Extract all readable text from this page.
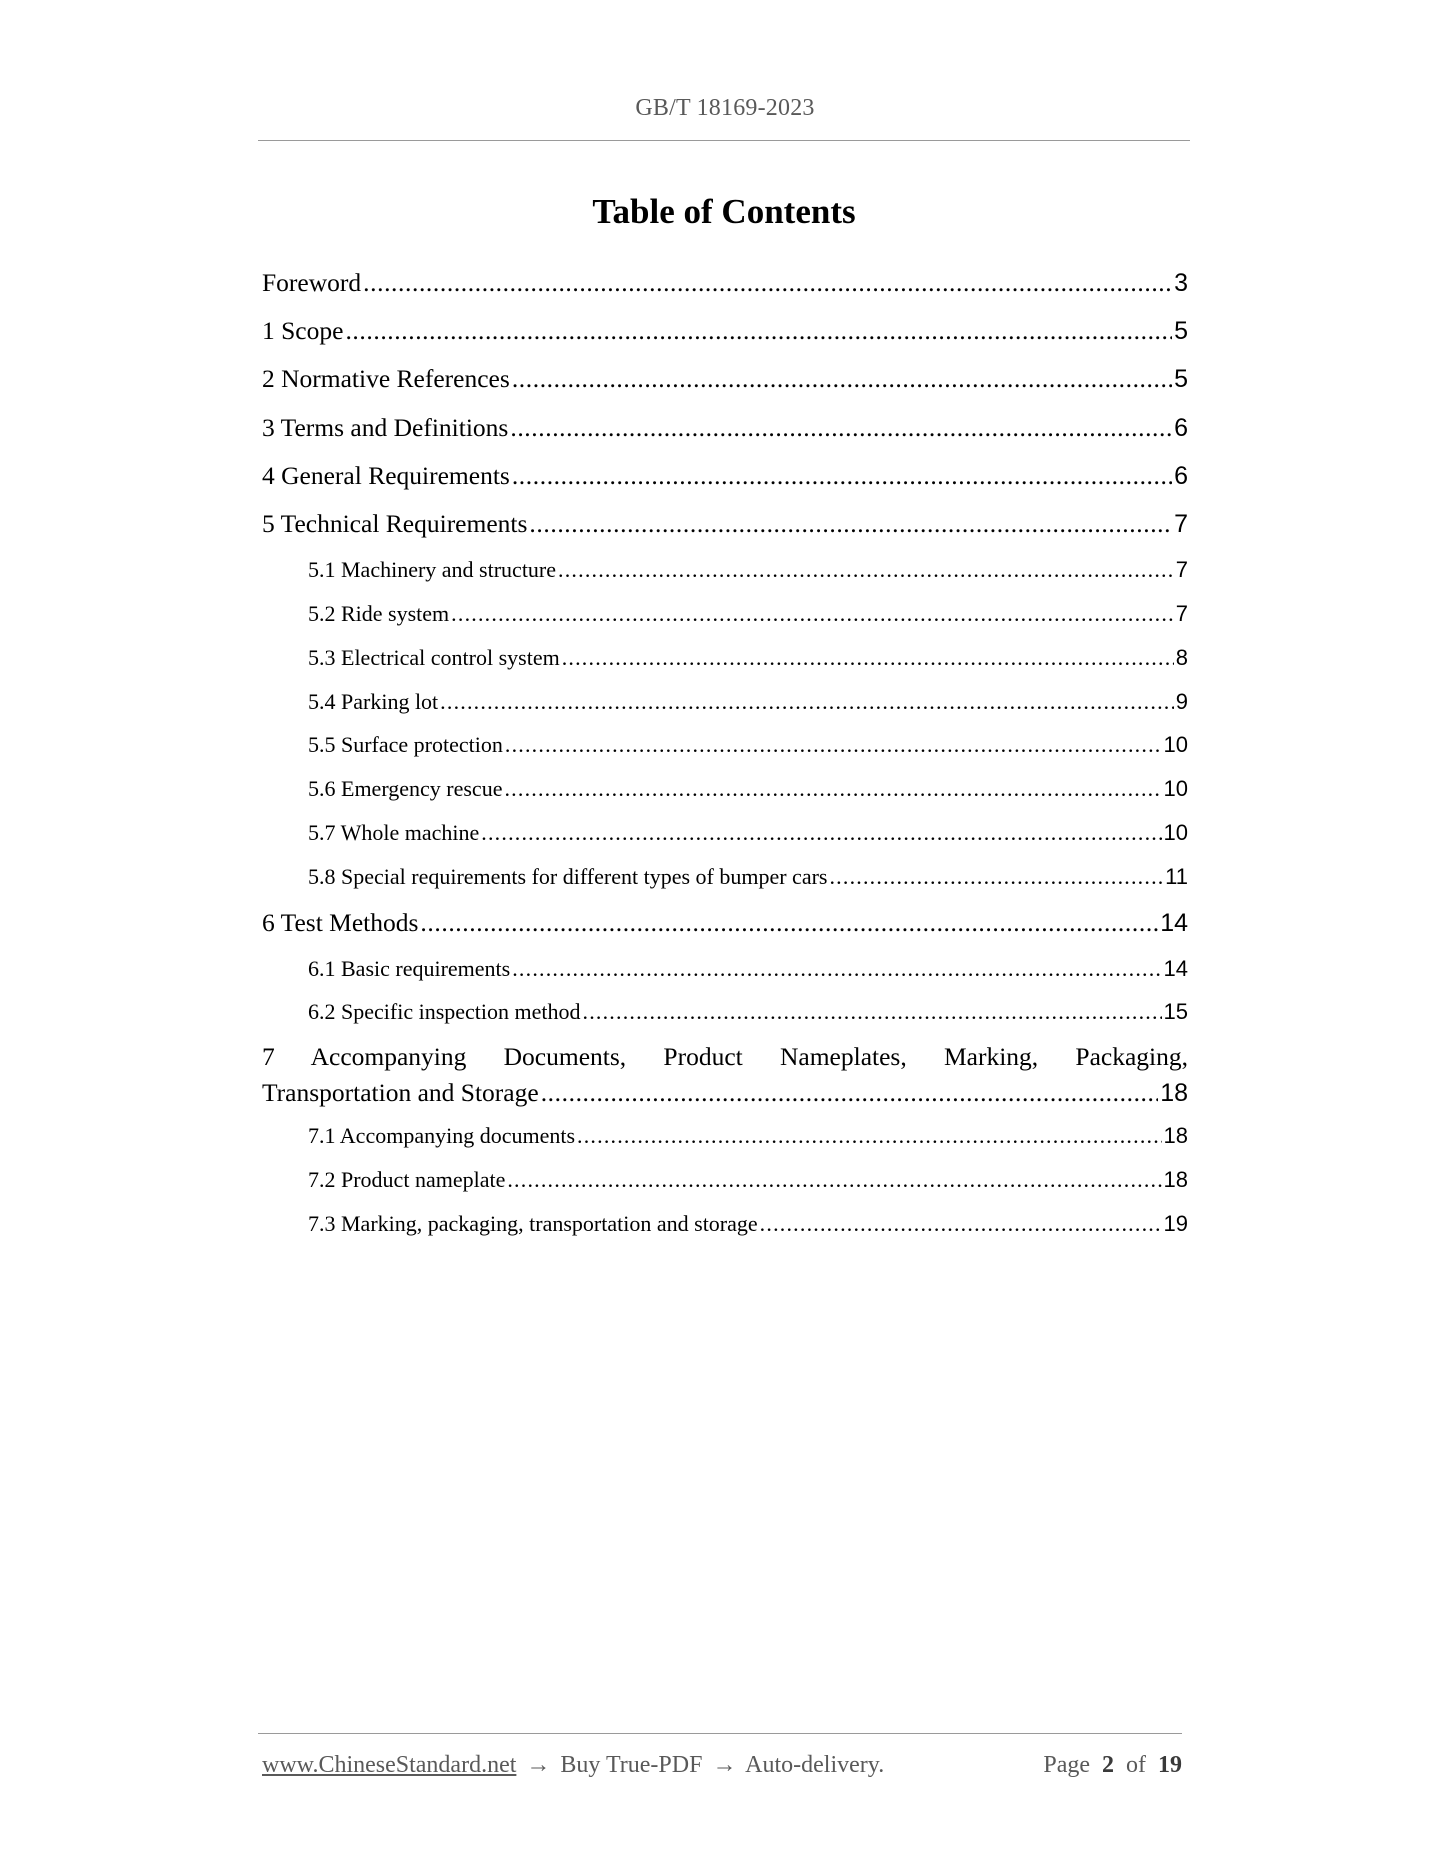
GB/T 18169-2023
Table of Contents
Foreword .....	3
1 Scope .....	5
2 Normative References .....	5
3 Terms and Definitions .....	6
4 General Requirements .....	6
5 Technical Requirements .....	7
5.1 Machinery and structure .....	7
5.2 Ride system .....	7
5.3 Electrical control system .....	8
5.4 Parking lot .....	9
5.5 Surface protection .....	10
5.6 Emergency rescue .....	10
5.7 Whole machine .....	10
5.8 Special requirements for different types of bumper cars .....	11
6 Test Methods .....	14
6.1 Basic requirements .....	14
6.2 Specific inspection method .....	15
7 Accompanying Documents, Product Nameplates, Marking, Packaging,
Transportation and Storage .....	18
7.1 Accompanying documents .....	18
7.2 Product nameplate .....	18
7.3 Marking, packaging, transportation and storage .....	19
www.ChineseStandard.net → Buy True-PDF → Auto-delivery.	Page 2 of 19
